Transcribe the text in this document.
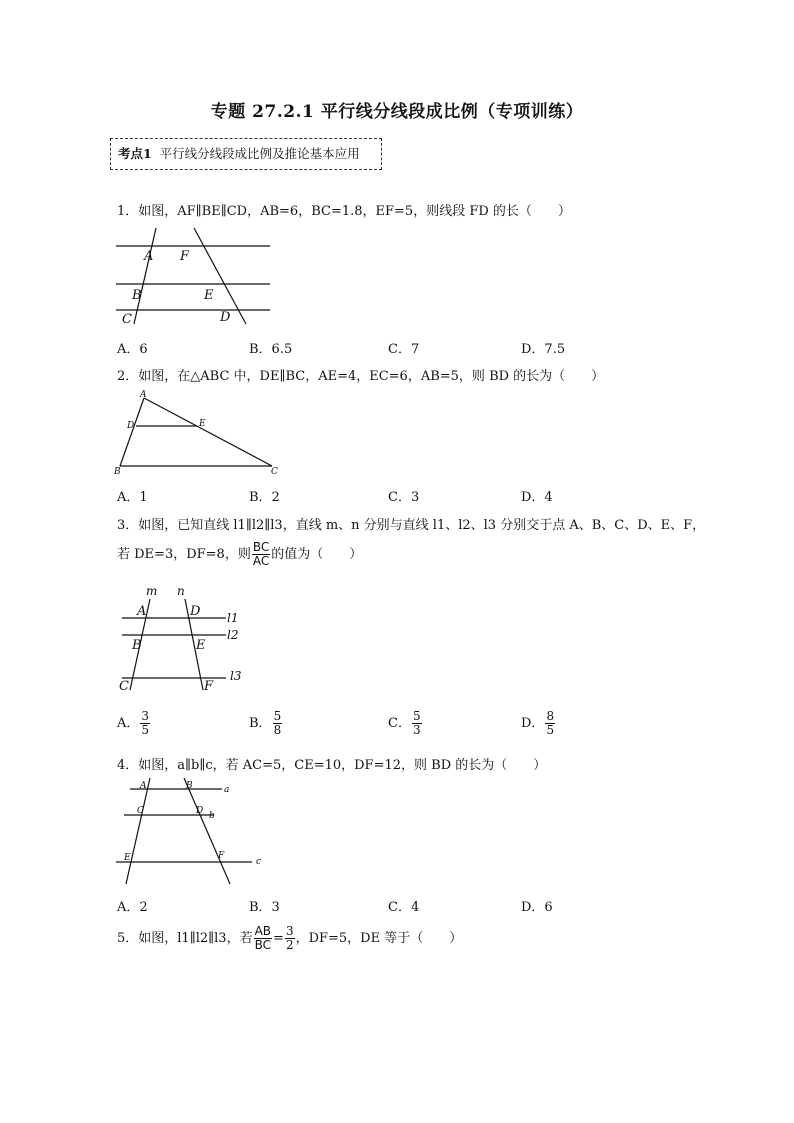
专题 27.2.1 平行线分线段成比例（专项训练）
考点1 平行线分线段成比例及推论基本应用
1．如图，AF∥BE∥CD，AB=6，BC=1.8，EF=5，则线段 FD 的长（　　）
A F
B	E
C	D
A．6	B．6.5	C．7	D．7.5
2．如图，在△ABC 中，DE∥BC，AE=4，EC=6，AB=5，则 BD 的长为（　　）
A
D	E
B	C
A．1	B．2	C．3	D．4
3．如图，已知直线 l1∥l2∥l3，直线 m、n 分别与直线 l1、l2、l3 分别交于点 A、B、C、D、E、F，
若 DE=3，DF=8，则 $\frac{BC}{AC}$ 的值为（　　）
m n
A	D l1
l2
B	E
l3
C	F
A． $\frac{3}{5}$	B． $\frac{5}{8}$	C． $\frac{5}{3}$	D． $\frac{8}{5}$
4．如图，a∥b∥c，若 AC=5，CE=10，DF=12，则 BD 的长为（　　）
A	B	a
C	D b
E	F
c
A．2	B．3	C．4	D．6
5．如图，l1∥l2∥l3，若 $\frac{AB}{BC} = \frac{3}{2}$ ，DF=5，DE 等于（　　）
